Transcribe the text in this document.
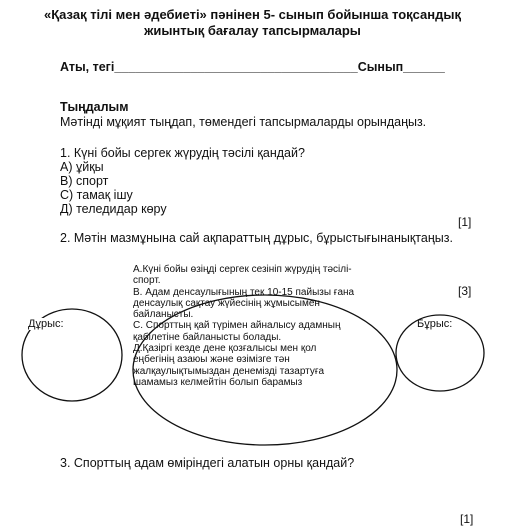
«Қазақ тілі мен әдебиеті» пәнінен 5- сынып бойынша тоқсандық
жиынтық бағалау тапсырмалары
Аты, тегі___________________________________Сынып______
Тыңдалым
Мәтінді мұқият тыңдап, төмендегі тапсырмаларды орындаңыз.
1. Күні бойы сергек жүрудің тәсілі қандай?
А) ұйқы
В) спорт
С) тамақ ішу
Д) теледидар көру
[1]
2. Мәтін мазмұнына сай ақпараттың дұрыс, бұрыстығынанықтаңыз.
[3]
Дұрыс:	Бұрыс:
А.Күні бойы өзіңді сергек сезініп жүрудің тәсілі-
спорт.
В. Адам денсаулығының тек 10-15 пайызы ғана
денсаулық сақтау жүйесінің жұмысымен
байланысты.
С. Спорттың қай түрімен айналысу адамның
қабілетіне байланысты болады.
Д.Қазіргі кезде дене қозғалысы мен қол
еңбегінің азаюы және өзімізге тән
жалқаулықтымыздан денемізді тазартуға
шамамыз келмейтін болып барамыз
3. Спорттың адам өміріндегі алатын орны қандай?
[1]
